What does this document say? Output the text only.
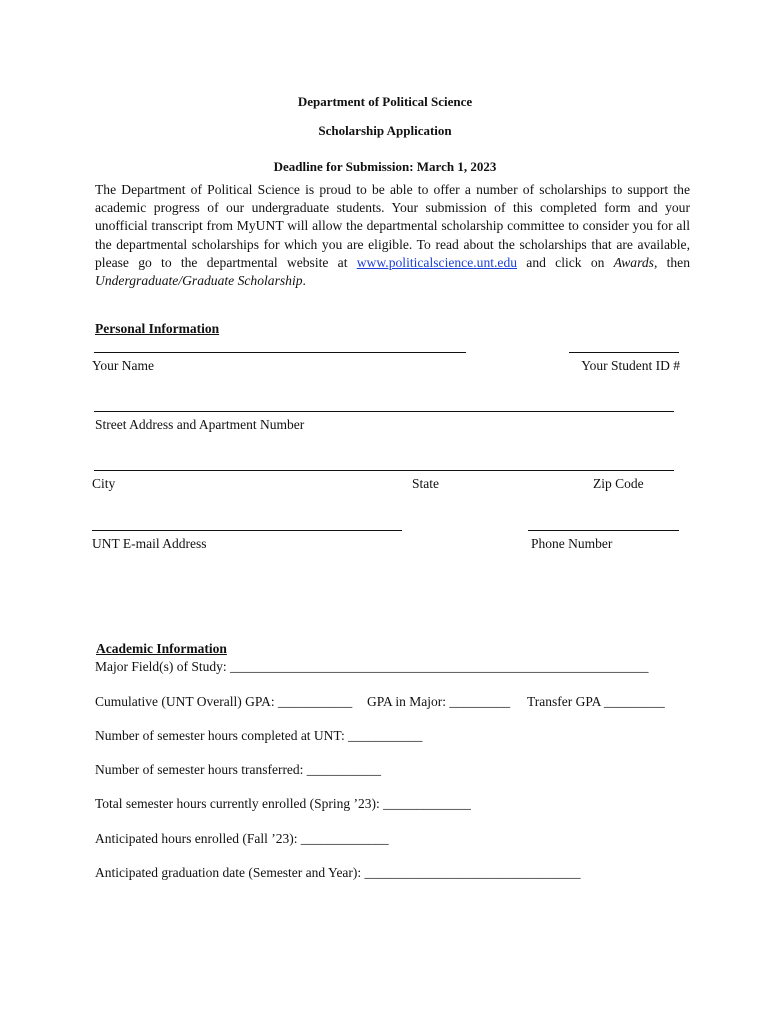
Department of Political Science
Scholarship Application
Deadline for Submission: March 1, 2023
The Department of Political Science is proud to be able to offer a number of scholarships to support the academic progress of our undergraduate students. Your submission of this completed form and your unofficial transcript from MyUNT will allow the departmental scholarship committee to consider you for all the departmental scholarships for which you are eligible. To read about the scholarships that are available, please go to the departmental website at www.politicalscience.unt.edu and click on Awards, then Undergraduate/Graduate Scholarship.
Personal Information
Your Name	Your Student ID #
Street Address and Apartment Number
City	State	Zip Code
UNT E-mail Address	Phone Number
Academic Information
Major Field(s) of Study: ______________________________________________________________
Cumulative (UNT Overall) GPA: ___________ GPA in Major: _________ Transfer GPA _________
Number of semester hours completed at UNT: ___________
Number of semester hours transferred: ___________
Total semester hours currently enrolled (Spring ’23): _____________
Anticipated hours enrolled (Fall ’23): _____________
Anticipated graduation date (Semester and Year): ________________________________
